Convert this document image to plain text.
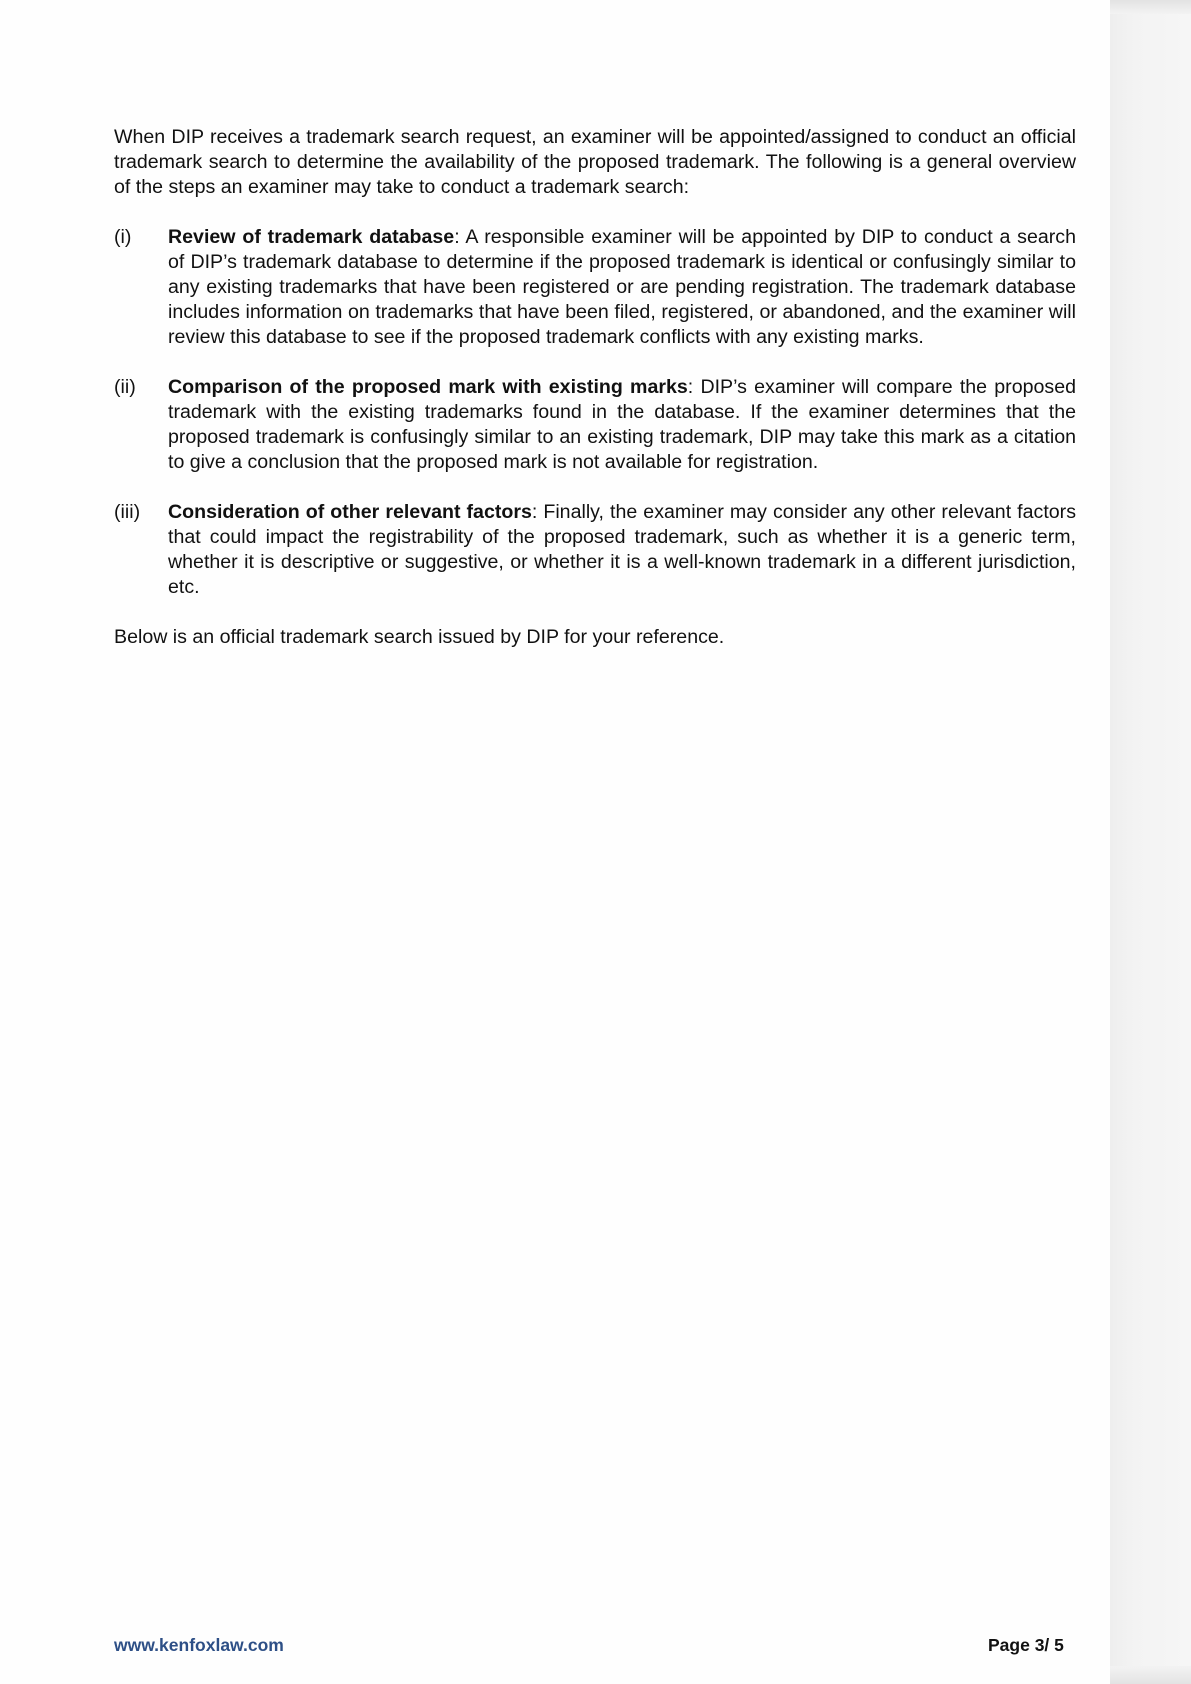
When DIP receives a trademark search request, an examiner will be appointed/assigned to conduct an official trademark search to determine the availability of the proposed trademark. The following is a general overview of the steps an examiner may take to conduct a trademark search:

(i)	Review of trademark database: A responsible examiner will be appointed by DIP to conduct a search of DIP’s trademark database to determine if the proposed trademark is identical or confusingly similar to any existing trademarks that have been registered or are pending registration. The trademark database includes information on trademarks that have been filed, registered, or abandoned, and the examiner will review this database to see if the proposed trademark conflicts with any existing marks.
(ii)	Comparison of the proposed mark with existing marks: DIP’s examiner will compare the proposed trademark with the existing trademarks found in the database. If the examiner determines that the proposed trademark is confusingly similar to an existing trademark, DIP may take this mark as a citation to give a conclusion that the proposed mark is not available for registration.
(iii)	Consideration of other relevant factors: Finally, the examiner may consider any other relevant factors that could impact the registrability of the proposed trademark, such as whether it is a generic term, whether it is descriptive or suggestive, or whether it is a well-known trademark in a different jurisdiction, etc.

Below is an official trademark search issued by DIP for your reference.

www.kenfoxlaw.com	Page 3/ 5
